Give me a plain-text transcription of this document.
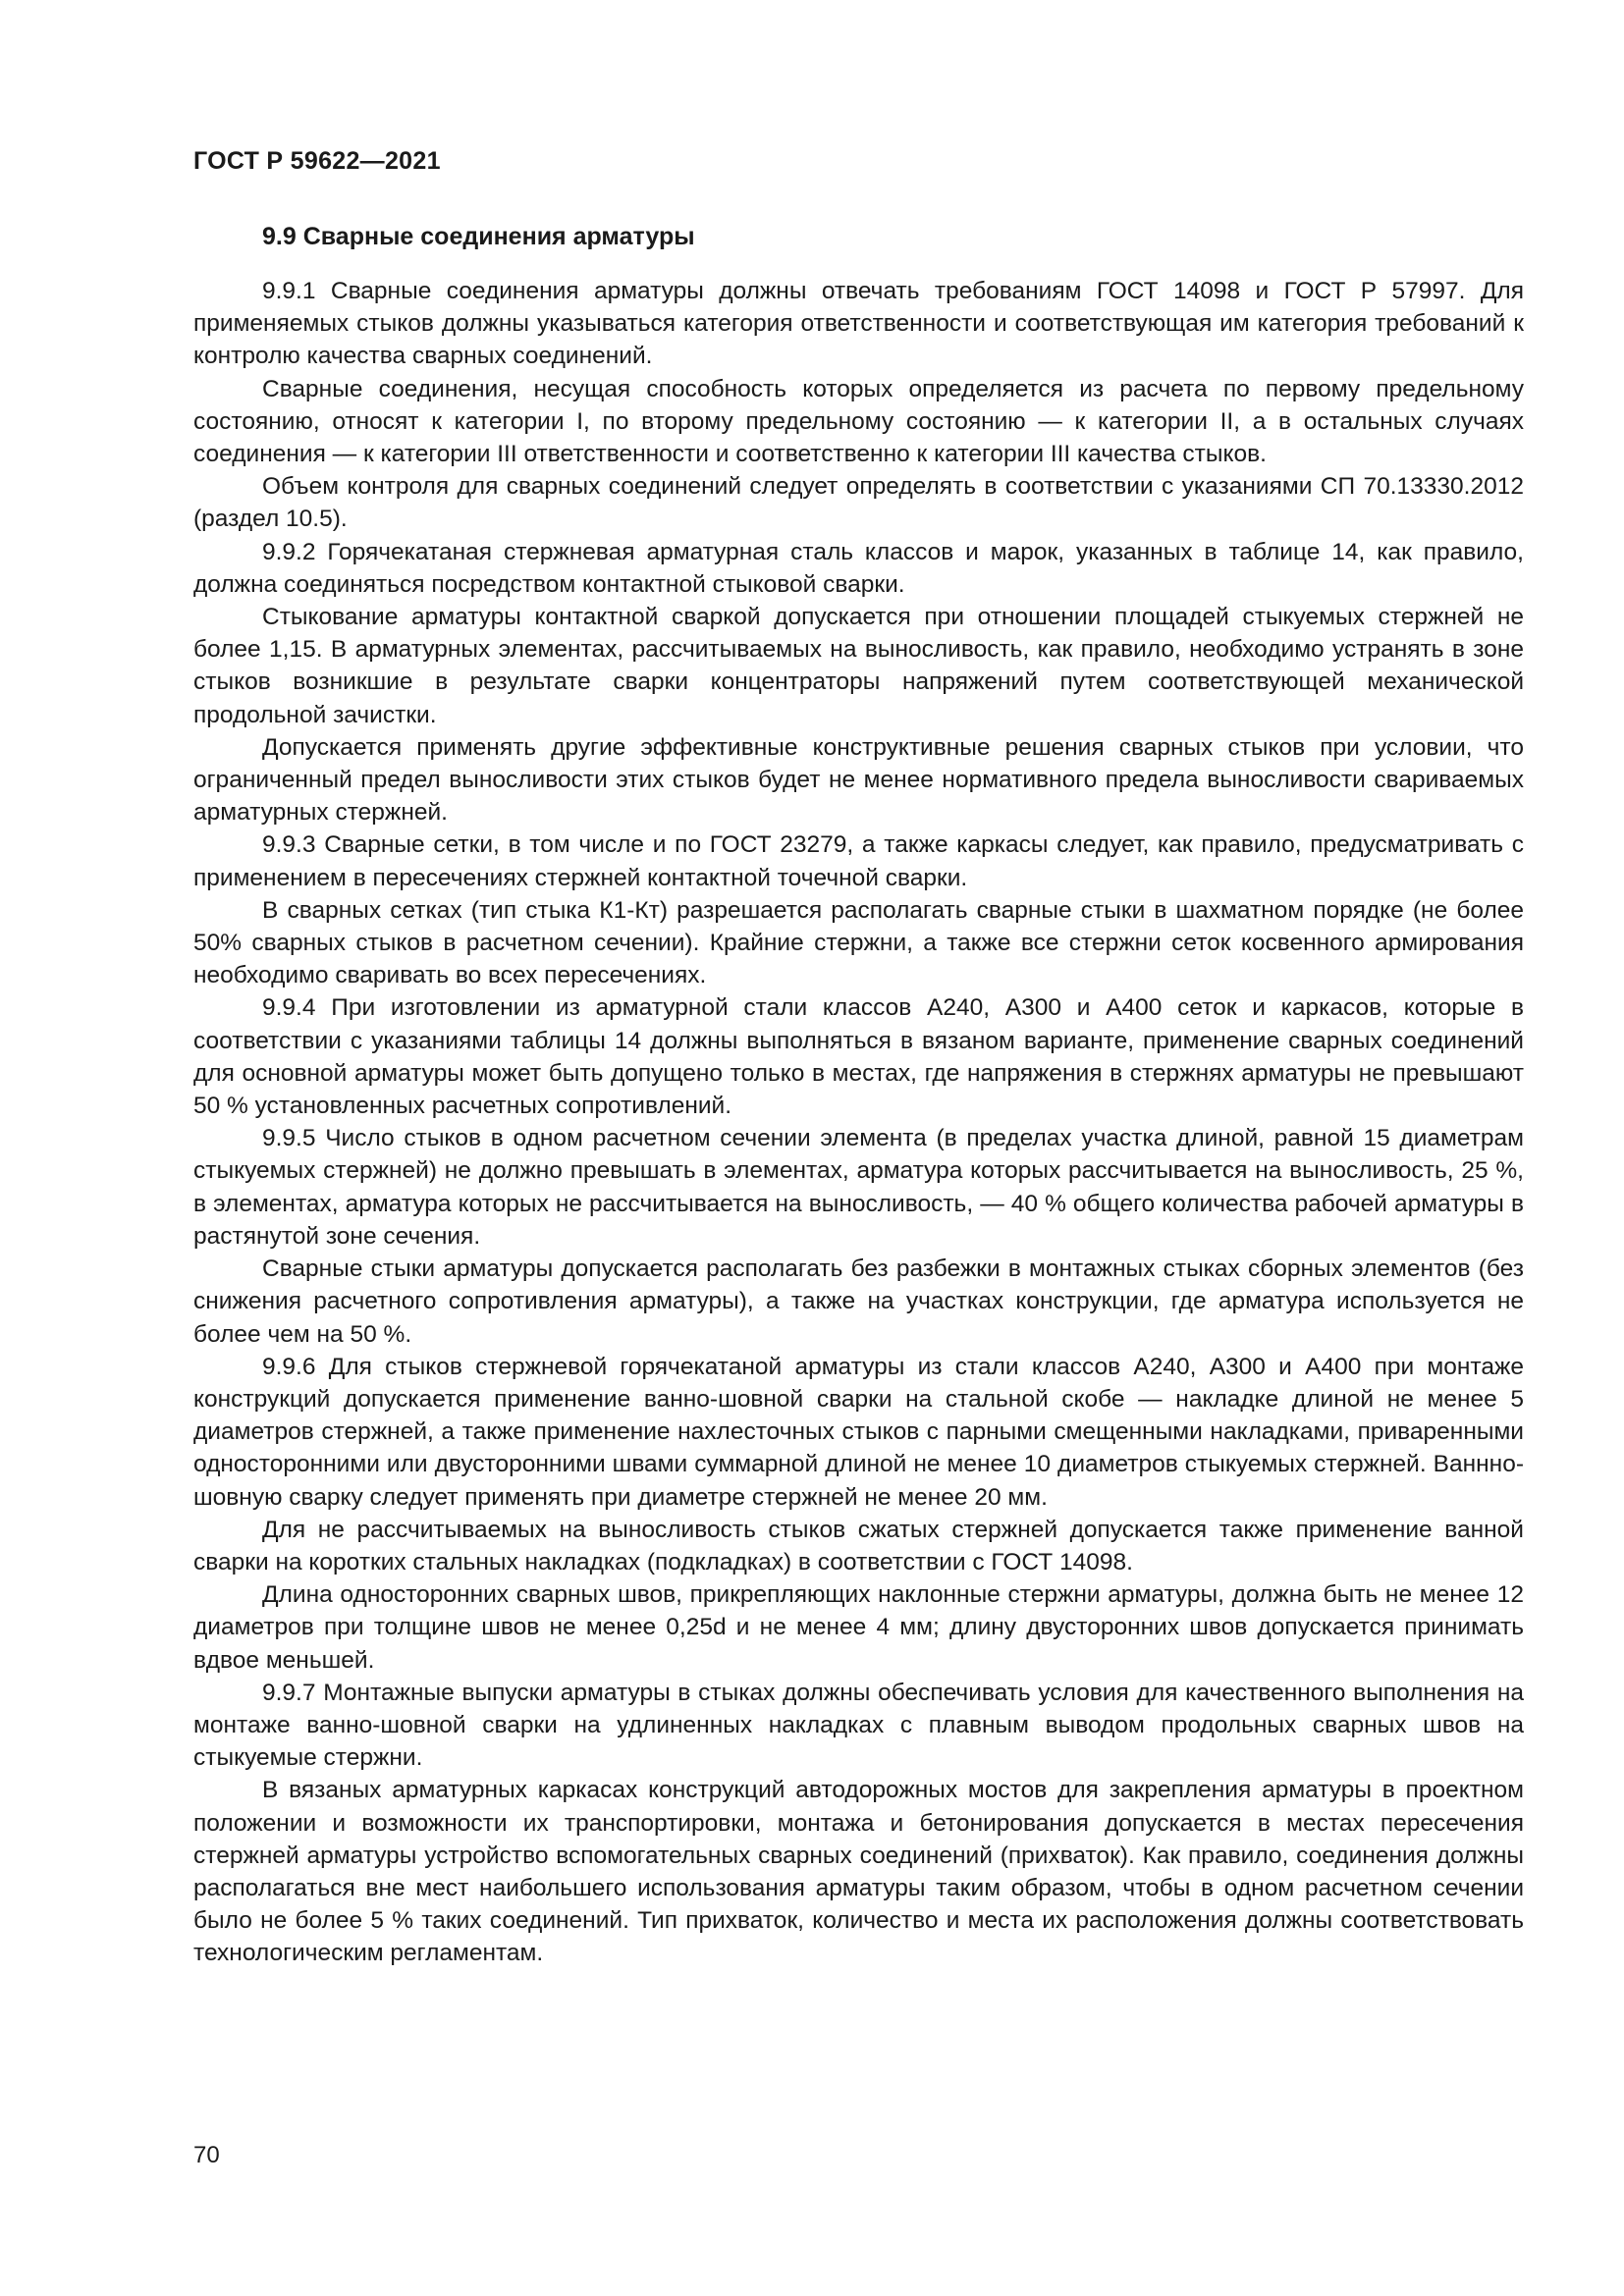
ГОСТ Р 59622—2021
9.9 Сварные соединения арматуры

9.9.1 Сварные соединения арматуры должны отвечать требованиям ГОСТ 14098 и ГОСТ Р 57997. Для применяемых стыков должны указываться категория ответственности и соответствующая им категория требований к контролю качества сварных соединений.

Сварные соединения, несущая способность которых определяется из расчета по первому предельному состоянию, относят к категории I, по второму предельному состоянию — к категории II, а в остальных случаях соединения — к категории III ответственности и соответственно к категории III качества стыков.

Объем контроля для сварных соединений следует определять в соответствии с указаниями СП 70.13330.2012 (раздел 10.5).

9.9.2 Горячекатаная стержневая арматурная сталь классов и марок, указанных в таблице 14, как правило, должна соединяться посредством контактной стыковой сварки.

Стыкование арматуры контактной сваркой допускается при отношении площадей стыкуемых стержней не более 1,15. В арматурных элементах, рассчитываемых на выносливость, как правило, необходимо устранять в зоне стыков возникшие в результате сварки концентраторы напряжений путем соответствующей механической продольной зачистки.

Допускается применять другие эффективные конструктивные решения сварных стыков при условии, что ограниченный предел выносливости этих стыков будет не менее нормативного предела выносливости свариваемых арматурных стержней.

9.9.3 Сварные сетки, в том числе и по ГОСТ 23279, а также каркасы следует, как правило, предусматривать с применением в пересечениях стержней контактной точечной сварки.

В сварных сетках (тип стыка К1-Кт) разрешается располагать сварные стыки в шахматном порядке (не более 50% сварных стыков в расчетном сечении). Крайние стержни, а также все стержни сеток косвенного армирования необходимо сваривать во всех пересечениях.

9.9.4 При изготовлении из арматурной стали классов А240, А300 и А400 сеток и каркасов, которые в соответствии с указаниями таблицы 14 должны выполняться в вязаном варианте, применение сварных соединений для основной арматуры может быть допущено только в местах, где напряжения в стержнях арматуры не превышают 50 % установленных расчетных сопротивлений.

9.9.5 Число стыков в одном расчетном сечении элемента (в пределах участка длиной, равной 15 диаметрам стыкуемых стержней) не должно превышать в элементах, арматура которых рассчитывается на выносливость, 25 %, в элементах, арматура которых не рассчитывается на выносливость, — 40 % общего количества рабочей арматуры в растянутой зоне сечения.

Сварные стыки арматуры допускается располагать без разбежки в монтажных стыках сборных элементов (без снижения расчетного сопротивления арматуры), а также на участках конструкции, где арматура используется не более чем на 50 %.

9.9.6 Для стыков стержневой горячекатаной арматуры из стали классов А240, А300 и А400 при монтаже конструкций допускается применение ванно-шовной сварки на стальной скобе — накладке длиной не менее 5 диаметров стержней, а также применение нахлесточных стыков с парными смещенными накладками, приваренными односторонними или двусторонними швами суммарной длиной не менее 10 диаметров стыкуемых стержней. Ваннно-шовную сварку следует применять при диаметре стержней не менее 20 мм.

Для не рассчитываемых на выносливость стыков сжатых стержней допускается также применение ванной сварки на коротких стальных накладках (подкладках) в соответствии с ГОСТ 14098.

Длина односторонних сварных швов, прикрепляющих наклонные стержни арматуры, должна быть не менее 12 диаметров при толщине швов не менее 0,25d и не менее 4 мм; длину двусторонних швов допускается принимать вдвое меньшей.

9.9.7 Монтажные выпуски арматуры в стыках должны обеспечивать условия для качественного выполнения на монтаже ванно-шовной сварки на удлиненных накладках с плавным выводом продольных сварных швов на стыкуемые стержни.

В вязаных арматурных каркасах конструкций автодорожных мостов для закрепления арматуры в проектном положении и возможности их транспортировки, монтажа и бетонирования допускается в местах пересечения стержней арматуры устройство вспомогательных сварных соединений (прихваток). Как правило, соединения должны располагаться вне мест наибольшего использования арматуры таким образом, чтобы в одном расчетном сечении было не более 5 % таких соединений. Тип прихваток, количество и места их расположения должны соответствовать технологическим регламентам.

70
